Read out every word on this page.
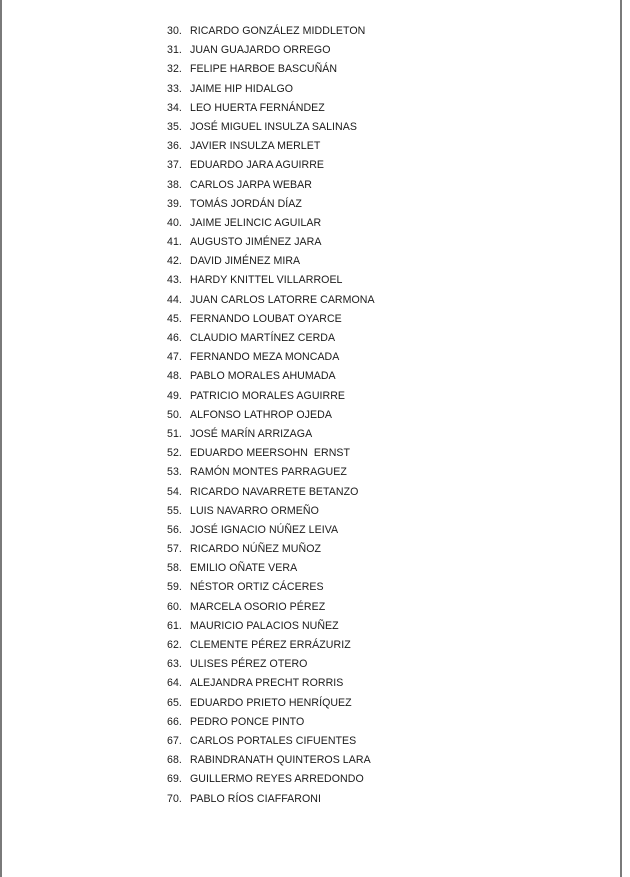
30. RICARDO GONZÁLEZ MIDDLETON
31. JUAN GUAJARDO ORREGO
32. FELIPE HARBOE BASCUÑÁN
33. JAIME HIP HIDALGO
34. LEO HUERTA FERNÁNDEZ
35. JOSÉ MIGUEL INSULZA SALINAS
36. JAVIER INSULZA MERLET
37. EDUARDO JARA AGUIRRE
38. CARLOS JARPA WEBAR
39. TOMÁS JORDÁN DÍAZ
40. JAIME JELINCIC AGUILAR
41. AUGUSTO JIMÉNEZ JARA
42. DAVID JIMÉNEZ MIRA
43. HARDY KNITTEL VILLARROEL
44. JUAN CARLOS LATORRE CARMONA
45. FERNANDO LOUBAT OYARCE
46. CLAUDIO MARTÍNEZ CERDA
47. FERNANDO MEZA MONCADA
48. PABLO MORALES AHUMADA
49. PATRICIO MORALES AGUIRRE
50. ALFONSO LATHROP OJEDA
51. JOSÉ MARÍN ARRIZAGA
52. EDUARDO MEERSOHN  ERNST
53. RAMÓN MONTES PARRAGUEZ
54. RICARDO NAVARRETE BETANZO
55. LUIS NAVARRO ORMEÑO
56. JOSÉ IGNACIO NÚÑEZ LEIVA
57. RICARDO NÚÑEZ MUÑOZ
58. EMILIO OÑATE VERA
59. NÉSTOR ORTIZ CÁCERES
60. MARCELA OSORIO PÉREZ
61. MAURICIO PALACIOS NUÑEZ
62. CLEMENTE PÉREZ ERRÁZURIZ
63. ULISES PÉREZ OTERO
64. ALEJANDRA PRECHT RORRIS
65. EDUARDO PRIETO HENRÍQUEZ
66. PEDRO PONCE PINTO
67. CARLOS PORTALES CIFUENTES
68. RABINDRANATH QUINTEROS LARA
69. GUILLERMO REYES ARREDONDO
70. PABLO RÍOS CIAFFARONI
